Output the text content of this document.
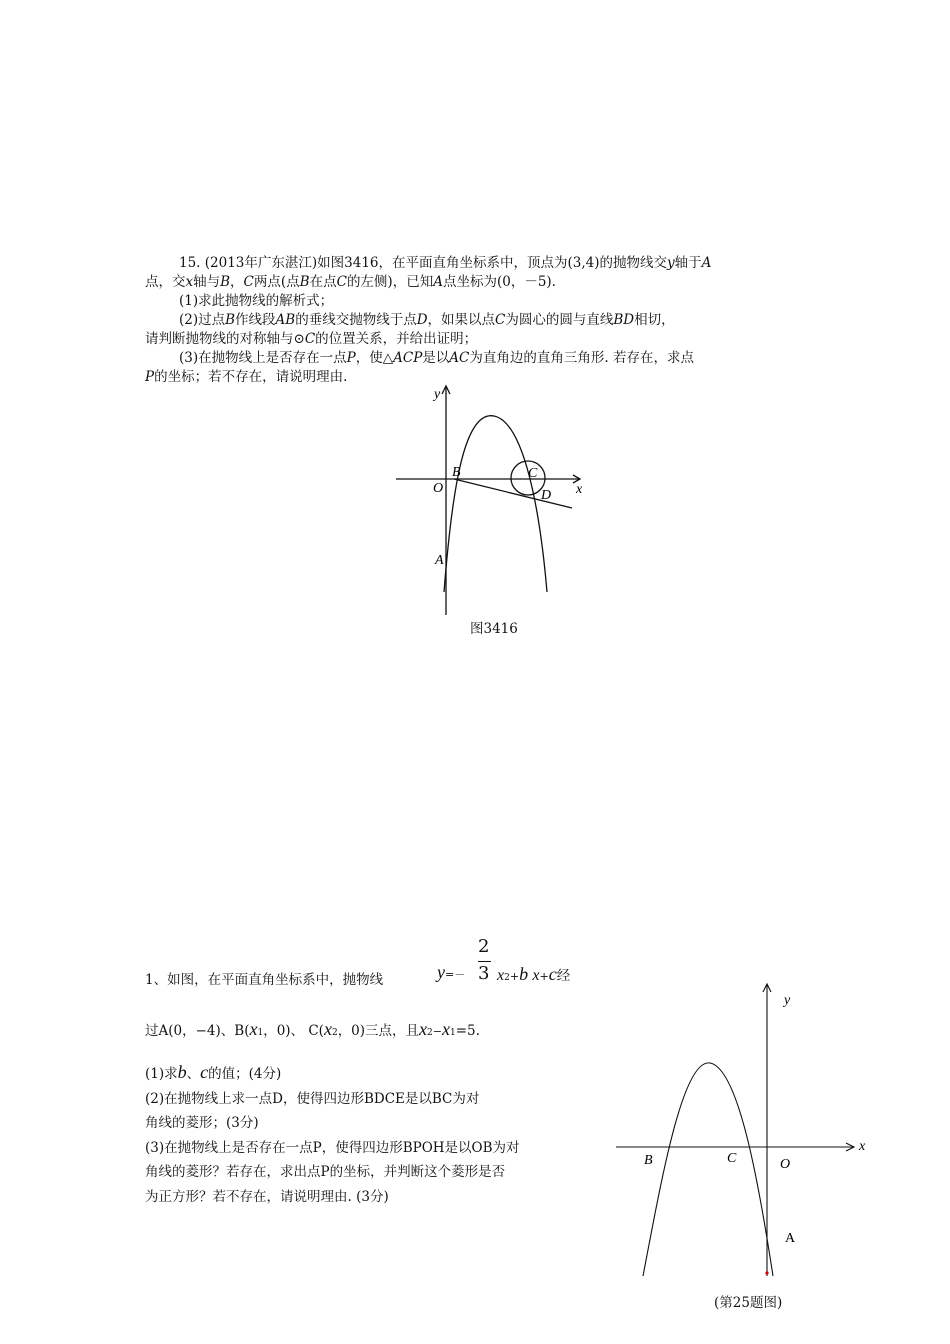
15. (2013年广东湛江)如图3416，在平面直角坐标系中，顶点为(3,4)的抛物线交y轴于A

点，交x轴与B，C两点(点B在点C的左侧)，已知A点坐标为(0，－5).

(1)求此抛物线的解析式；

(2)过点B作线段AB的垂线交抛物线于点D，如果以点C为圆心的圆与直线BD相切，

请判断抛物线的对称轴与⊙C的位置关系，并给出证明；

(3)在抛物线上是否存在一点P，使△ACP是以AC为直角边的直角三角形. 若存在，求点

P的坐标；若不存在，请说明理由.

y
x
O
B	C
D
A
图3416
2
3
1、如图，在平面直角坐标系中，抛物线	y=－ x2+b x+c经
过A(0，−4)、B(x1，0)、 C(x2，0)三点，且x2−x1=5.
(1)求b、c的值；(4分)
(2)在抛物线上求一点D，使得四边形BDCE是以BC为对
角线的菱形；(3分)
(3)在抛物线上是否存在一点P，使得四边形BPOH是以OB为对
角线的菱形？若存在，求出点P的坐标，并判断这个菱形是否
为正方形？若不存在，请说明理由. (3分)
y
x
B	C	O
A
(第25题图)
